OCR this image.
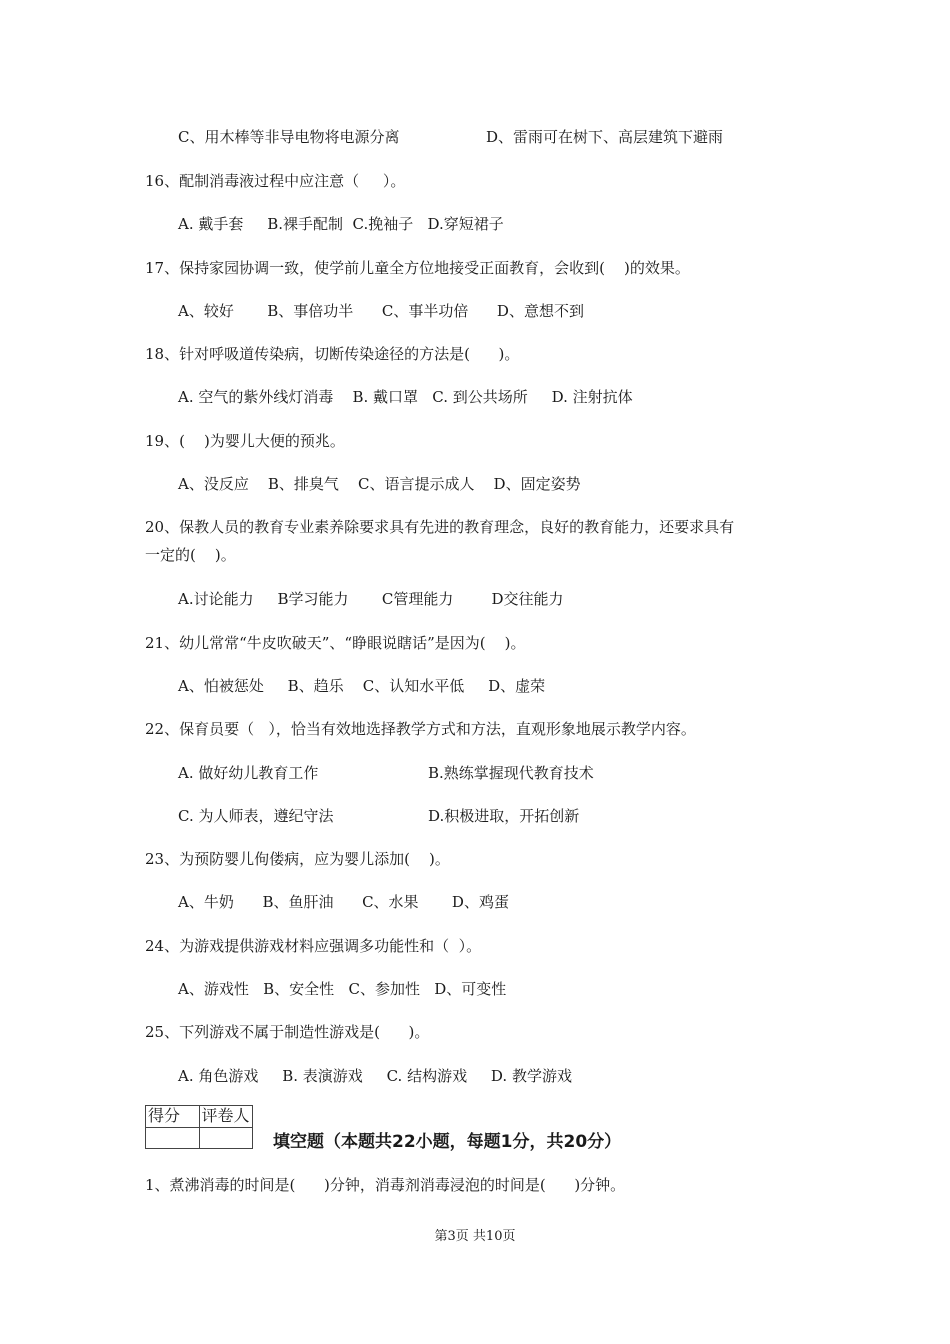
C、用木棒等非导电物将电源分离	D、雷雨可在树下、高层建筑下避雨
16、配制消毒液过程中应注意（     ）。
A. 戴手套     B.裸手配制  C.挽袖子   D.穿短裙子
17、保持家园协调一致，使学前儿童全方位地接受正面教育，会收到(    )的效果。
A、较好       B、事倍功半      C、事半功倍      D、意想不到
18、针对呼吸道传染病，切断传染途径的方法是(      )。
A. 空气的紫外线灯消毒    B. 戴口罩   C. 到公共场所     D. 注射抗体
19、(    )为婴儿大便的预兆。
A、没反应    B、排臭气    C、语言提示成人    D、固定姿势
20、保教人员的教育专业素养除要求具有先进的教育理念，良好的教育能力，还要求具有
一定的(    )。
A.讨论能力     B学习能力       C管理能力        D交往能力
21、幼儿常常“牛皮吹破天”、“睁眼说瞎话”是因为(    )。
A、怕被惩处     B、趋乐    C、认知水平低     D、虚荣
22、保育员要（   ），恰当有效地选择教学方式和方法，直观形象地展示教学内容。
A. 做好幼儿教育工作	B.熟练掌握现代教育技术
C. 为人师表，遵纪守法	D.积极进取，开拓创新
23、为预防婴儿佝偻病，应为婴儿添加(    )。
A、牛奶      B、鱼肝油      C、水果       D、鸡蛋
24、为游戏提供游戏材料应强调多功能性和（  ）。
A、游戏性   B、安全性   C、参加性   D、可变性
25、下列游戏不属于制造性游戏是(      )。
A. 角色游戏     B. 表演游戏     C. 结构游戏     D. 教学游戏
得分	评卷人

填空题（本题共22小题，每题1分，共20分）
1、煮沸消毒的时间是(      )分钟，消毒剂消毒浸泡的时间是(      )分钟。
第3页 共10页
